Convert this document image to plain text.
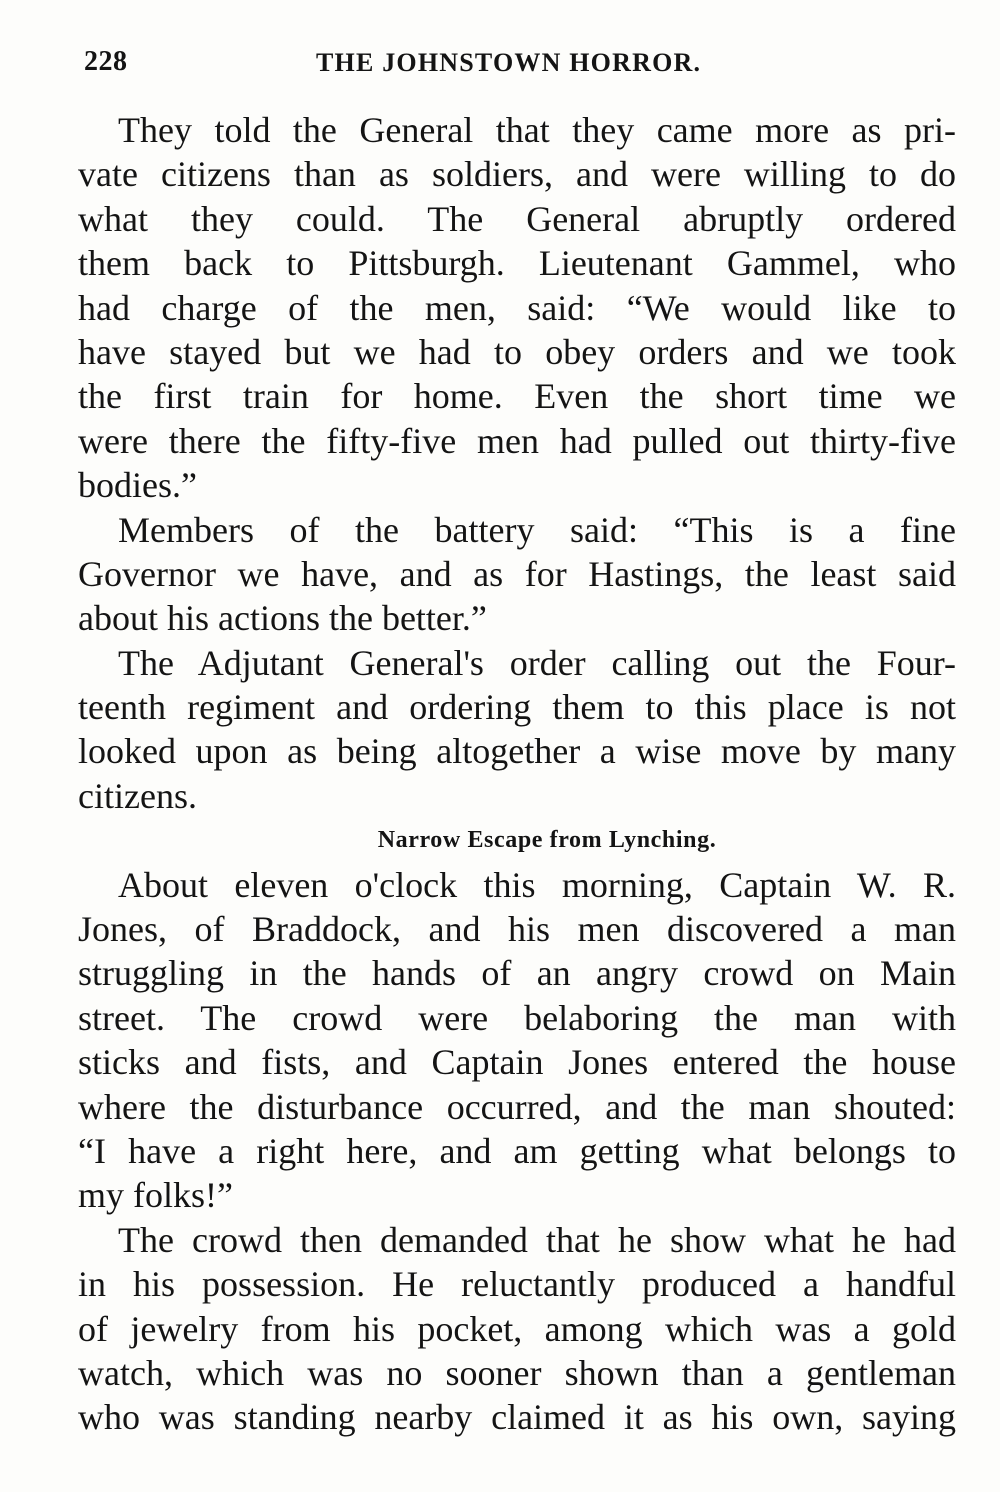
228	THE JOHNSTOWN HORROR.
They told the General that they came more as pri-
vate citizens than as soldiers, and were willing to do
what they could. The General abruptly ordered
them back to Pittsburgh. Lieutenant Gammel, who
had charge of the men, said: “We would like to
have stayed but we had to obey orders and we took
the first train for home. Even the short time we
were there the fifty-five men had pulled out thirty-five
bodies.”
Members of the battery said: “This is a fine
Governor we have, and as for Hastings, the least said
about his actions the better.”
The Adjutant General's order calling out the Four-
teenth regiment and ordering them to this place is not
looked upon as being altogether a wise move by many
citizens.
Narrow Escape from Lynching.
About eleven o'clock this morning, Captain W. R.
Jones, of Braddock, and his men discovered a man
struggling in the hands of an angry crowd on Main
street. The crowd were belaboring the man with
sticks and fists, and Captain Jones entered the house
where the disturbance occurred, and the man shouted:
“I have a right here, and am getting what belongs to
my folks!”
The crowd then demanded that he show what he had
in his possession. He reluctantly produced a handful
of jewelry from his pocket, among which was a gold
watch, which was no sooner shown than a gentleman
who was standing nearby claimed it as his own, saying
